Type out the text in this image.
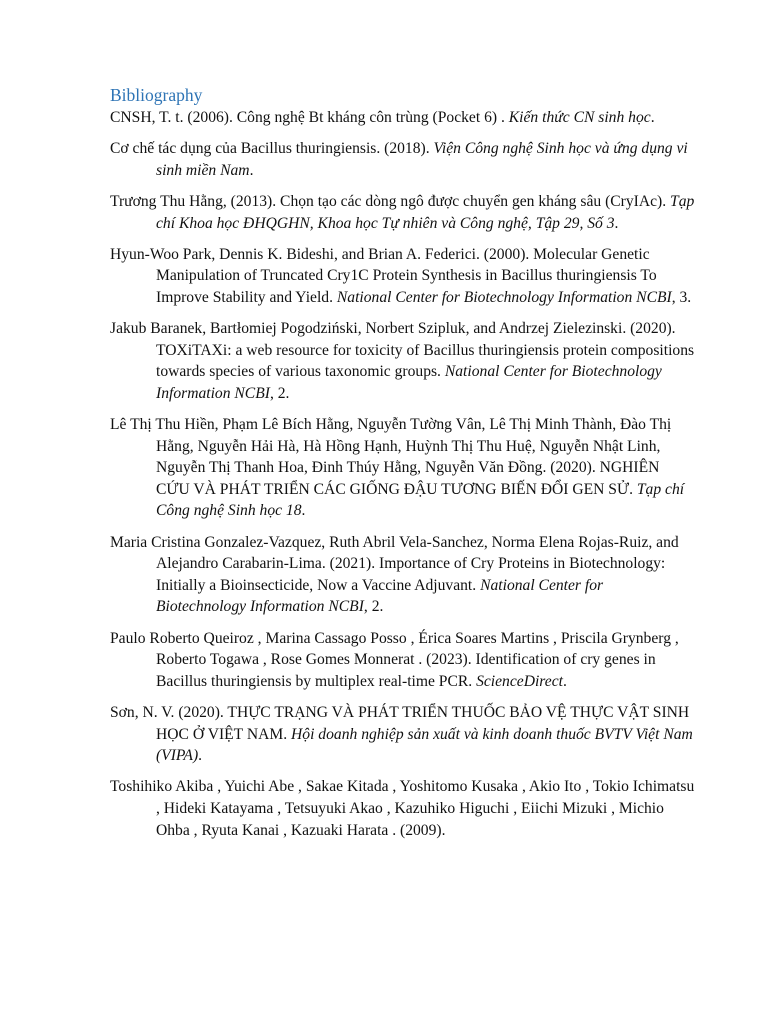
Bibliography
CNSH, T. t. (2006). Công nghệ Bt kháng côn trùng (Pocket 6) . Kiến thức CN sinh học.
Cơ chế tác dụng của Bacillus thuringiensis. (2018). Viện Công nghệ Sinh học và ứng dụng vi sinh miền Nam.
Trương Thu Hằng, (2013). Chọn tạo các dòng ngô được chuyển gen kháng sâu (CryIAc). Tạp chí Khoa học ĐHQGHN, Khoa học Tự nhiên và Công nghệ, Tập 29, Số 3.
Hyun-Woo Park, Dennis K. Bideshi, and Brian A. Federici. (2000). Molecular Genetic Manipulation of Truncated Cry1C Protein Synthesis in Bacillus thuringiensis To Improve Stability and Yield. National Center for Biotechnology Information NCBI, 3.
Jakub Baranek, Bartłomiej Pogodziński, Norbert Szipluk, and Andrzej Zielezinski. (2020). TOXiTAXi: a web resource for toxicity of Bacillus thuringiensis protein compositions towards species of various taxonomic groups. National Center for Biotechnology Information NCBI, 2.
Lê Thị Thu Hiền, Phạm Lê Bích Hằng, Nguyễn Tường Vân, Lê Thị Minh Thành, Đào Thị Hằng, Nguyễn Hải Hà, Hà Hồng Hạnh, Huỳnh Thị Thu Huệ, Nguyễn Nhật Linh, Nguyễn Thị Thanh Hoa, Đinh Thúy Hằng, Nguyễn Văn Đồng. (2020). NGHIÊN CỨU VÀ PHÁT TRIỂN CÁC GIỐNG ĐẬU TƯƠNG BIẾN ĐỔI GEN SỬ. Tạp chí Công nghệ Sinh học 18.
Maria Cristina Gonzalez-Vazquez, Ruth Abril Vela-Sanchez, Norma Elena Rojas-Ruiz, and Alejandro Carabarin-Lima. (2021). Importance of Cry Proteins in Biotechnology: Initially a Bioinsecticide, Now a Vaccine Adjuvant. National Center for Biotechnology Information NCBI, 2.
Paulo Roberto Queiroz , Marina Cassago Posso , Érica Soares Martins , Priscila Grynberg , Roberto Togawa , Rose Gomes Monnerat . (2023). Identification of cry genes in Bacillus thuringiensis by multiplex real-time PCR. ScienceDirect.
Sơn, N. V. (2020). THỰC TRẠNG VÀ PHÁT TRIỂN THUỐC BẢO VỆ THỰC VẬT SINH HỌC Ở VIỆT NAM. Hội doanh nghiệp sản xuất và kinh doanh thuốc BVTV Việt Nam (VIPA).
Toshihiko Akiba , Yuichi Abe , Sakae Kitada , Yoshitomo Kusaka , Akio Ito , Tokio Ichimatsu , Hideki Katayama , Tetsuyuki Akao , Kazuhiko Higuchi , Eiichi Mizuki , Michio Ohba , Ryuta Kanai , Kazuaki Harata . (2009).
